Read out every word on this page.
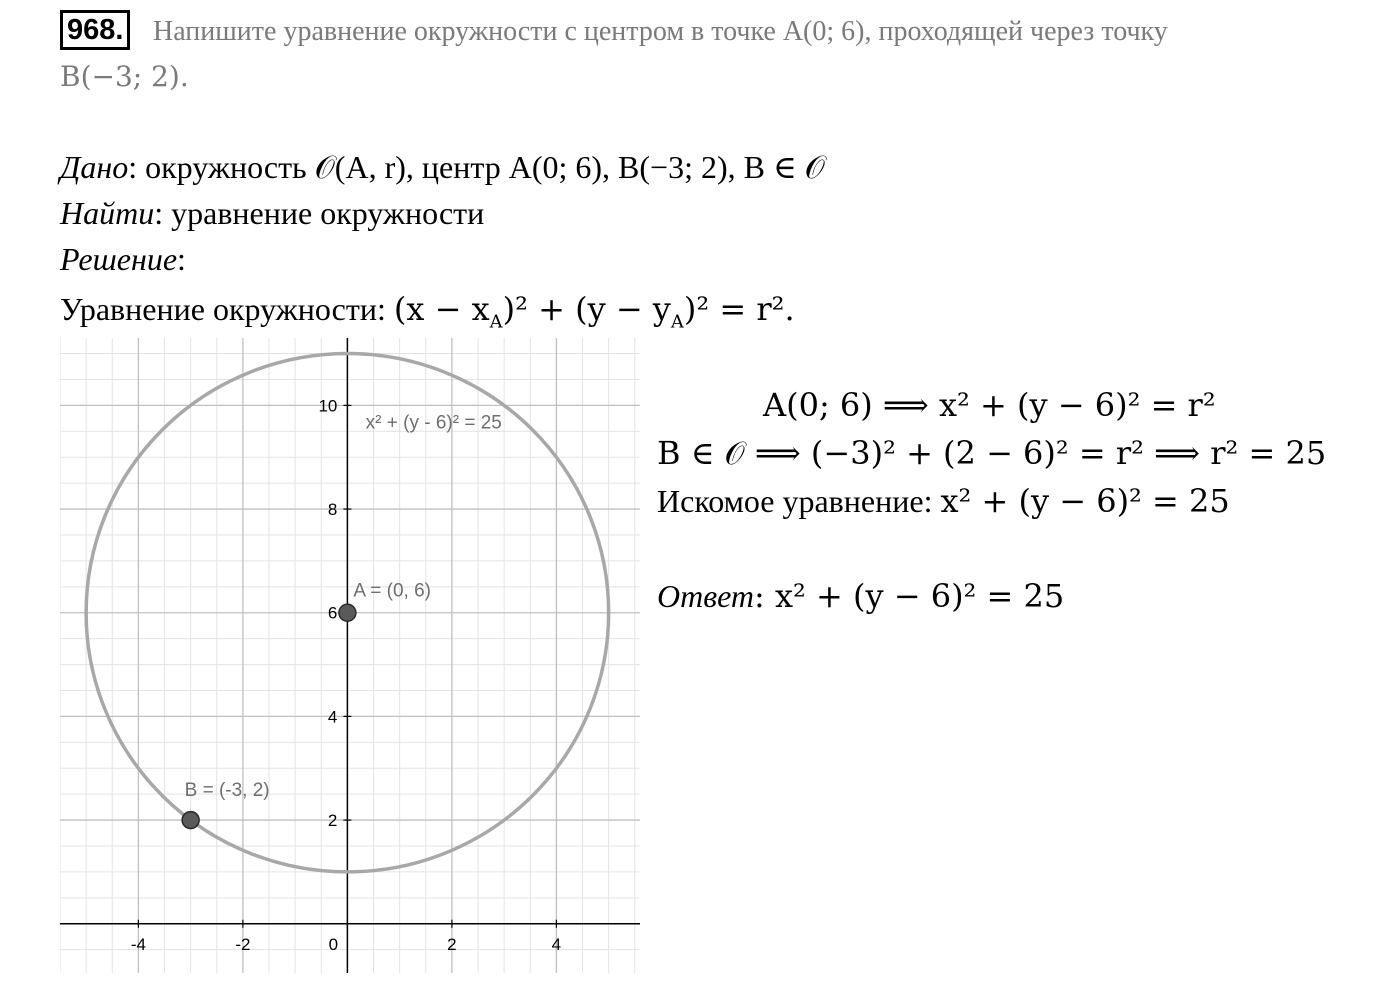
968. Напишите уравнение окружности с центром в точке A(0; 6), проходящей через точку
B(−3; 2).
Дано: окружность 𝒪(A, r), центр A(0; 6), B(−3; 2), B ∈ 𝒪
Найти: уравнение окружности
Решение:
Уравнение окружности: $(x - x_A)^2 + (y - y_A)^2 = r^2$.
-4	-2	0	2	4
2
4
6
8
10
x² + (y - 6)² = 25
A = (0, 6)
B = (-3, 2)
A(0; 6) ⟹ x² + (y − 6)² = r²
B ∈ 𝒪 ⟹ (−3)² + (2 − 6)² = r² ⟹ r² = 25
Искомое уравнение: x² + (y − 6)² = 25
Ответ: x² + (y − 6)² = 25
